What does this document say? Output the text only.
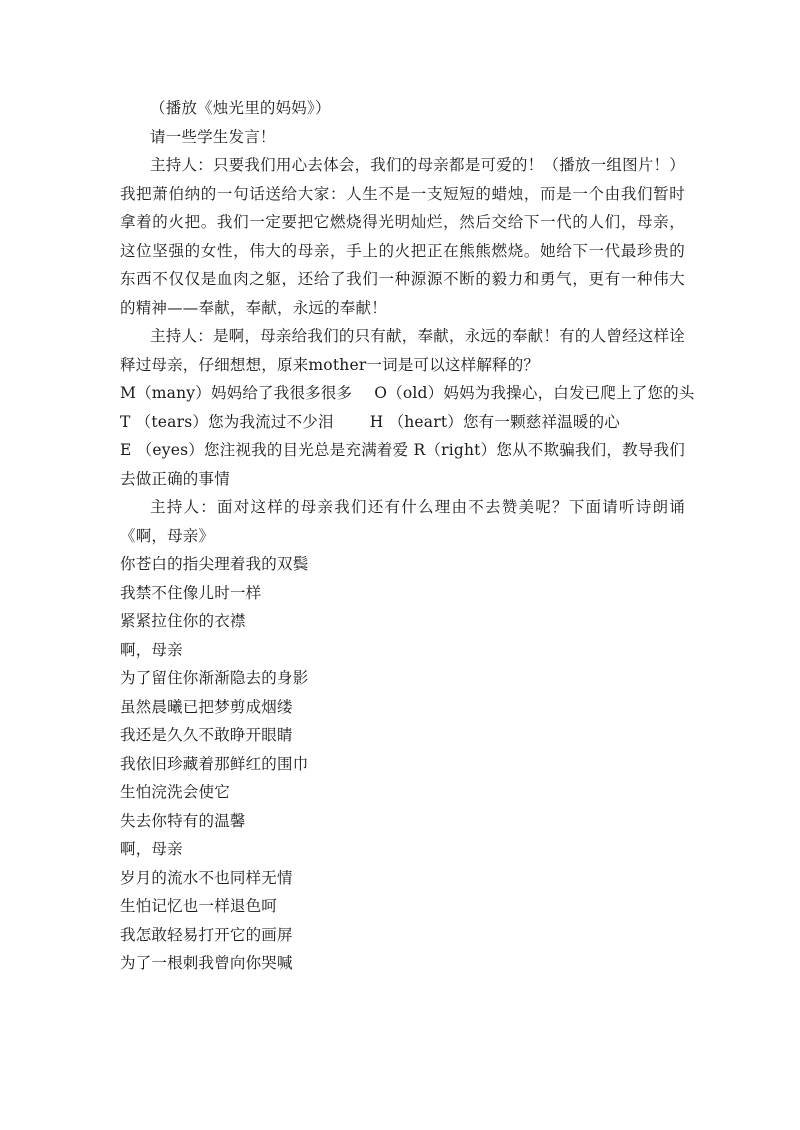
（播放《烛光里的妈妈》）
请一些学生发言！
主持人：只要我们用心去体会，我们的母亲都是可爱的！（播放一组图片！）我把萧伯纳的一句话送给大家：人生不是一支短短的蜡烛，而是一个由我们暂时拿着的火把。我们一定要把它燃烧得光明灿烂，然后交给下一代的人们，母亲，这位坚强的女性，伟大的母亲，手上的火把正在熊熊燃烧。她给下一代最珍贵的东西不仅仅是血肉之躯，还给了我们一种源源不断的毅力和勇气，更有一种伟大的精神——奉献，奉献，永远的奉献！
主持人：是啊，母亲给我们的只有献，奉献，永远的奉献！有的人曾经这样诠释过母亲，仔细想想，原来mother一词是可以这样解释的？
M（many）妈妈给了我很多很多 O（old）妈妈为我操心，白发已爬上了您的头
T （tears）您为我流过不少泪 H （heart）您有一颗慈祥温暖的心
E （eyes）您注视我的目光总是充满着爱 R（right）您从不欺骗我们，教导我们去做正确的事情
主持人：面对这样的母亲我们还有什么理由不去赞美呢？下面请听诗朗诵《啊，母亲》
你苍白的指尖理着我的双鬓
我禁不住像儿时一样
紧紧拉住你的衣襟
啊，母亲
为了留住你渐渐隐去的身影
虽然晨曦已把梦剪成烟缕
我还是久久不敢睁开眼睛
我依旧珍藏着那鲜红的围巾
生怕浣洗会使它
失去你特有的温馨
啊，母亲
岁月的流水不也同样无情
生怕记忆也一样退色呵
我怎敢轻易打开它的画屏
为了一根刺我曾向你哭喊
